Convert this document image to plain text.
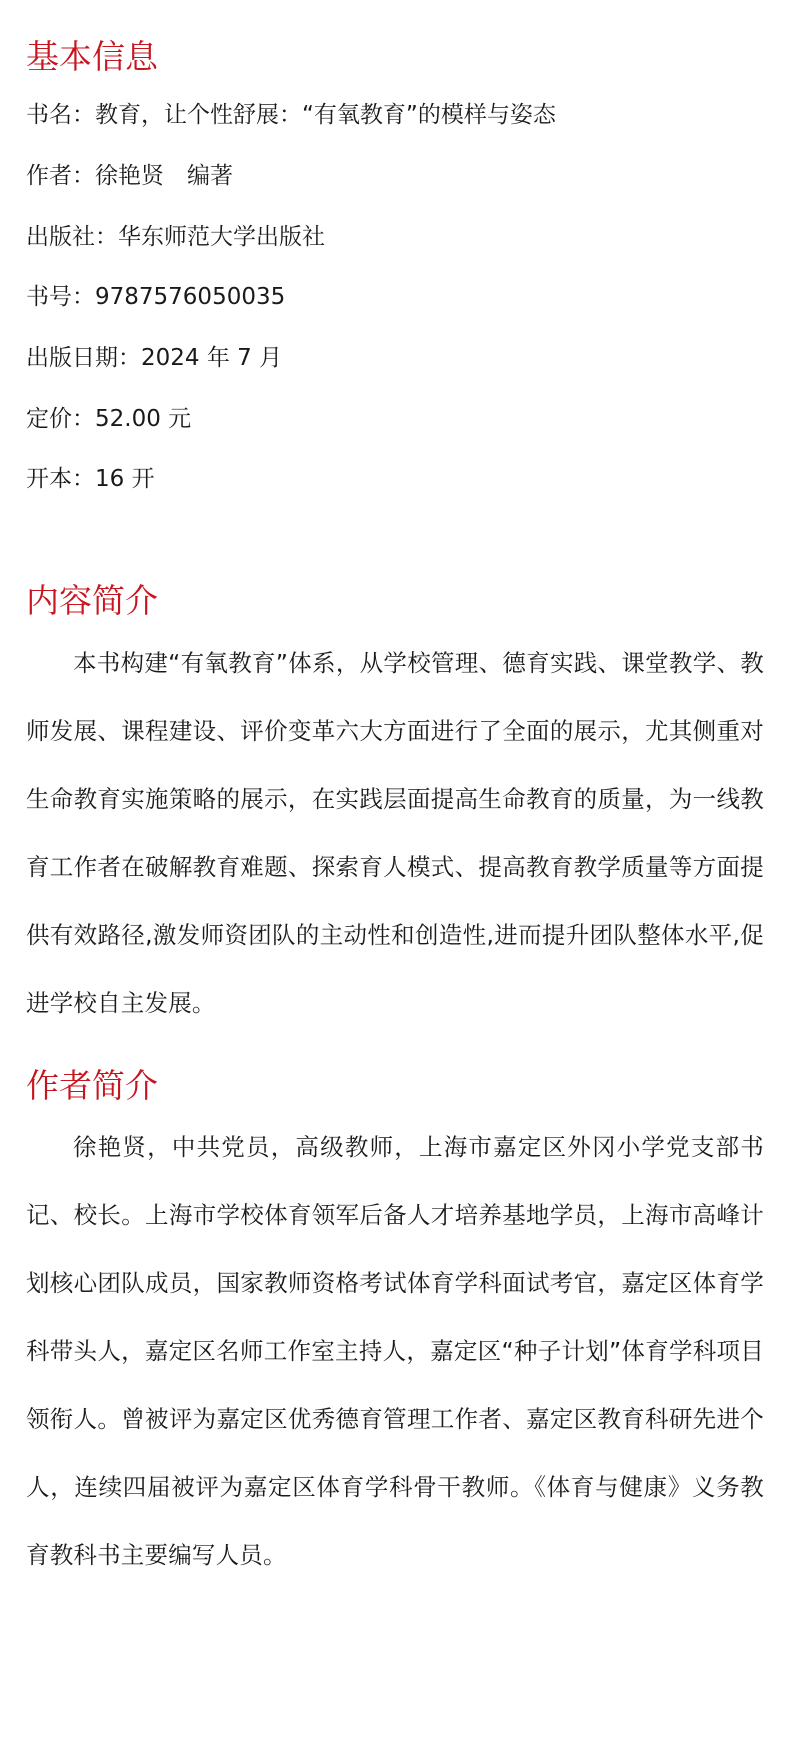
基本信息

书名：教育，让个性舒展：“有氧教育”的模样与姿态

作者：徐艳贤　编著

出版社：华东师范大学出版社

书号：9787576050035

出版日期：2024 年 7 月

定价：52.00 元

开本：16 开

内容简介

本书构建“有氧教育”体系，从学校管理、德育实践、课堂教学、教师发展、课程建设、评价变革六大方面进行了全面的展示，尤其侧重对生命教育实施策略的展示，在实践层面提高生命教育的质量，为一线教育工作者在破解教育难题、探索育人模式、提高教育教学质量等方面提供有效路径,激发师资团队的主动性和创造性,进而提升团队整体水平,促进学校自主发展。

作者简介

徐艳贤，中共党员，高级教师，上海市嘉定区外冈小学党支部书记、校长。上海市学校体育领军后备人才培养基地学员，上海市高峰计划核心团队成员，国家教师资格考试体育学科面试考官，嘉定区体育学科带头人，嘉定区名师工作室主持人，嘉定区“种子计划”体育学科项目领衔人。曾被评为嘉定区优秀德育管理工作者、嘉定区教育科研先进个人，连续四届被评为嘉定区体育学科骨干教师。《体育与健康》义务教育教科书主要编写人员。
